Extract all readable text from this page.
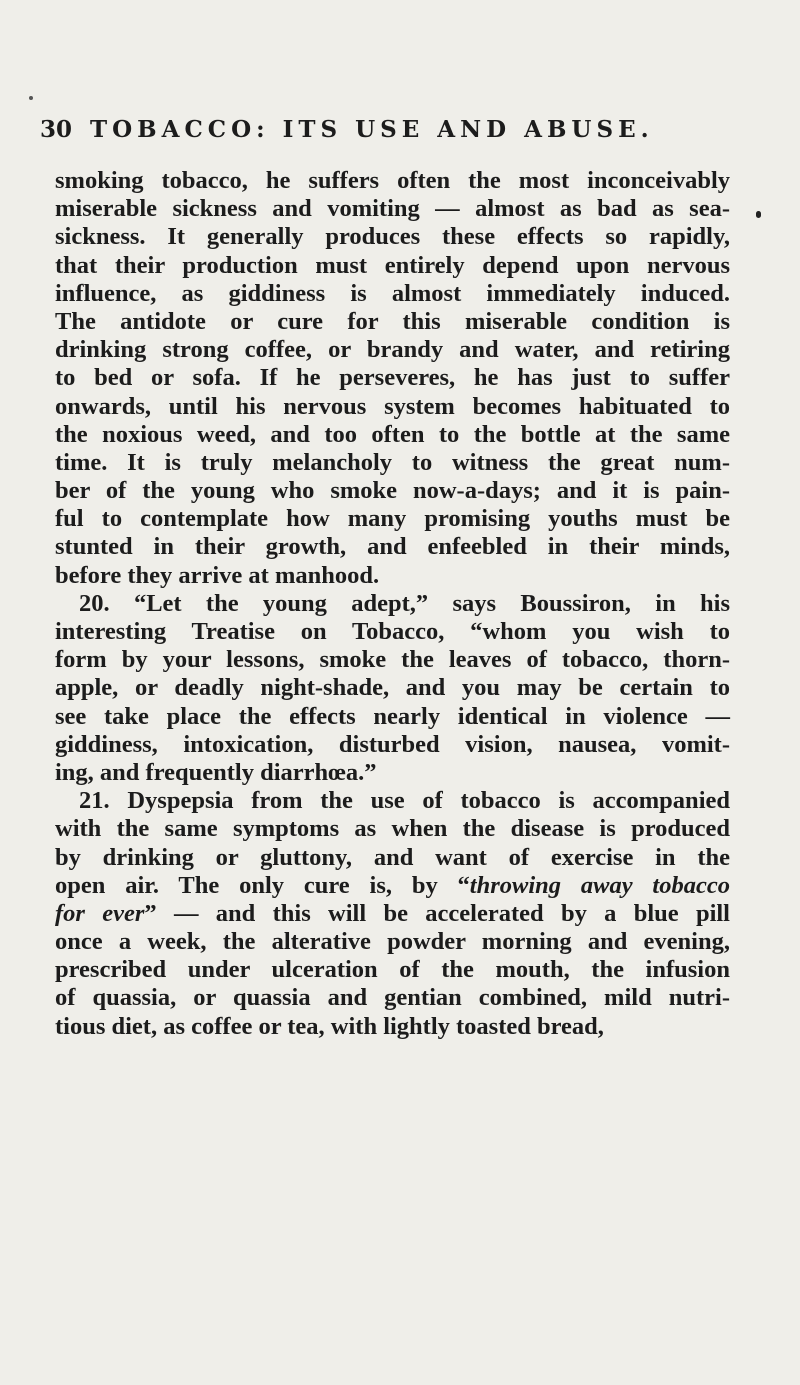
30 TOBACCO: ITS USE AND ABUSE.
smoking tobacco, he suffers often the most inconceivably
miserable sickness and vomiting — almost as bad as sea-
sickness. It generally produces these effects so rapidly,
that their production must entirely depend upon nervous
influence, as giddiness is almost immediately induced.
The antidote or cure for this miserable condition is
drinking strong coffee, or brandy and water, and retiring
to bed or sofa. If he perseveres, he has just to suffer
onwards, until his nervous system becomes habituated to
the noxious weed, and too often to the bottle at the same
time. It is truly melancholy to witness the great num-
ber of the young who smoke now-a-days; and it is pain-
ful to contemplate how many promising youths must be
stunted in their growth, and enfeebled in their minds,
before they arrive at manhood.
20. “Let the young adept,” says Boussiron, in his
interesting Treatise on Tobacco, “whom you wish to
form by your lessons, smoke the leaves of tobacco, thorn-
apple, or deadly night-shade, and you may be certain to
see take place the effects nearly identical in violence —
giddiness, intoxication, disturbed vision, nausea, vomit-
ing, and frequently diarrhœa.”
21. Dyspepsia from the use of tobacco is accompanied
with the same symptoms as when the disease is produced
by drinking or gluttony, and want of exercise in the
open air. The only cure is, by “throwing away tobacco
for ever” — and this will be accelerated by a blue pill
once a week, the alterative powder morning and evening,
prescribed under ulceration of the mouth, the infusion
of quassia, or quassia and gentian combined, mild nutri-
tious diet, as coffee or tea, with lightly toasted bread,
